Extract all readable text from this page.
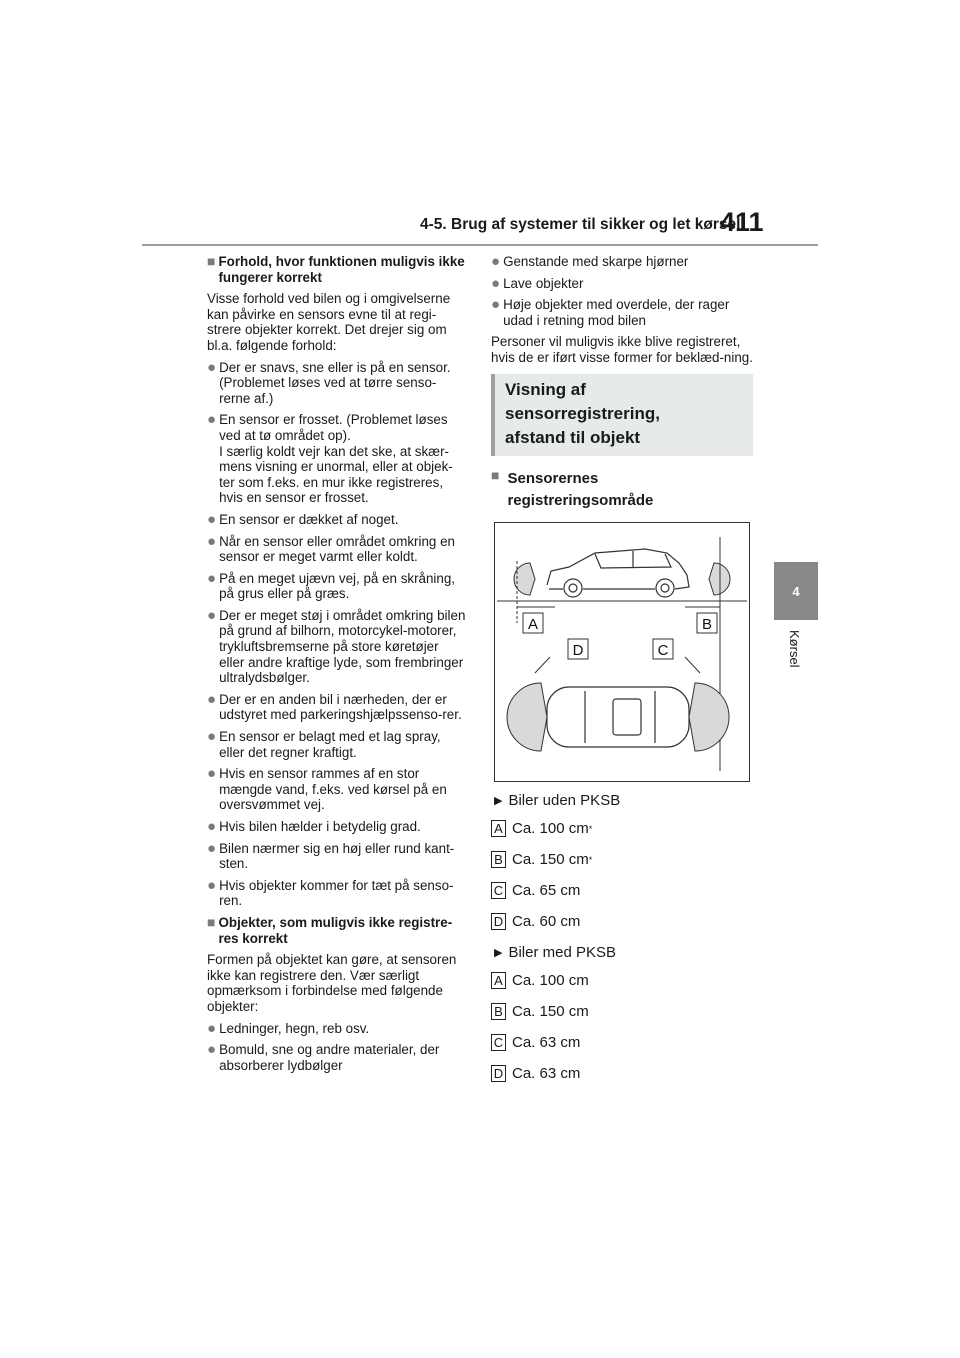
4-5. Brug af systemer til sikker og let kørsel
411
4
Kørsel
■ Forhold, hvor funktionen muligvis ikke fungerer korrekt

Visse forhold ved bilen og i omgivelserne kan påvirke en sensors evne til at regi-strere objekter korrekt. Det drejer sig om bl.a. følgende forhold:

● Der er snavs, sne eller is på en sensor. (Problemet løses ved at tørre senso-rerne af.)
● En sensor er frosset. (Problemet løses ved at tø området op).
I særlig koldt vejr kan det ske, at skær-mens visning er unormal, eller at objek-ter som f.eks. en mur ikke registreres, hvis en sensor er frosset.
● En sensor er dækket af noget.
● Når en sensor eller området omkring en sensor er meget varmt eller koldt.
● På en meget ujævn vej, på en skråning, på grus eller på græs.
● Der er meget støj i området omkring bilen på grund af bilhorn, motorcykel-motorer, trykluftsbremserne på store køretøjer eller andre kraftige lyde, som frembringer ultralydsbølger.
● Der er en anden bil i nærheden, der er udstyret med parkeringshjælpssenso-rer.
● En sensor er belagt med et lag spray, eller det regner kraftigt.
● Hvis en sensor rammes af en stor mængde vand, f.eks. ved kørsel på en oversvømmet vej.
● Hvis bilen hælder i betydelig grad.
● Bilen nærmer sig en høj eller rund kant-sten.
● Hvis objekter kommer for tæt på senso-ren.
■ Objekter, som muligvis ikke registre-res korrekt

Formen på objektet kan gøre, at sensoren ikke kan registrere den. Vær særligt opmærksom i forbindelse med følgende objekter:

● Ledninger, hegn, reb osv.
● Bomuld, sne og andre materialer, der absorberer lydbølger
● Genstande med skarpe hjørner
● Lave objekter
● Høje objekter med overdele, der rager udad i retning mod bilen

Personer vil muligvis ikke blive registreret, hvis de er iført visse former for beklæd-ning.

Visning af
sensorregistrering,
afstand til objekt
■ Sensorernes
registreringsområde
A	B
C
D
▶ Biler uden PKSB
A Ca. 100 cm *
B Ca. 150 cm *
C Ca. 65 cm
D Ca. 60 cm
▶ Biler med PKSB
A Ca. 100 cm
B Ca. 150 cm
C Ca. 63 cm
D Ca. 63 cm
